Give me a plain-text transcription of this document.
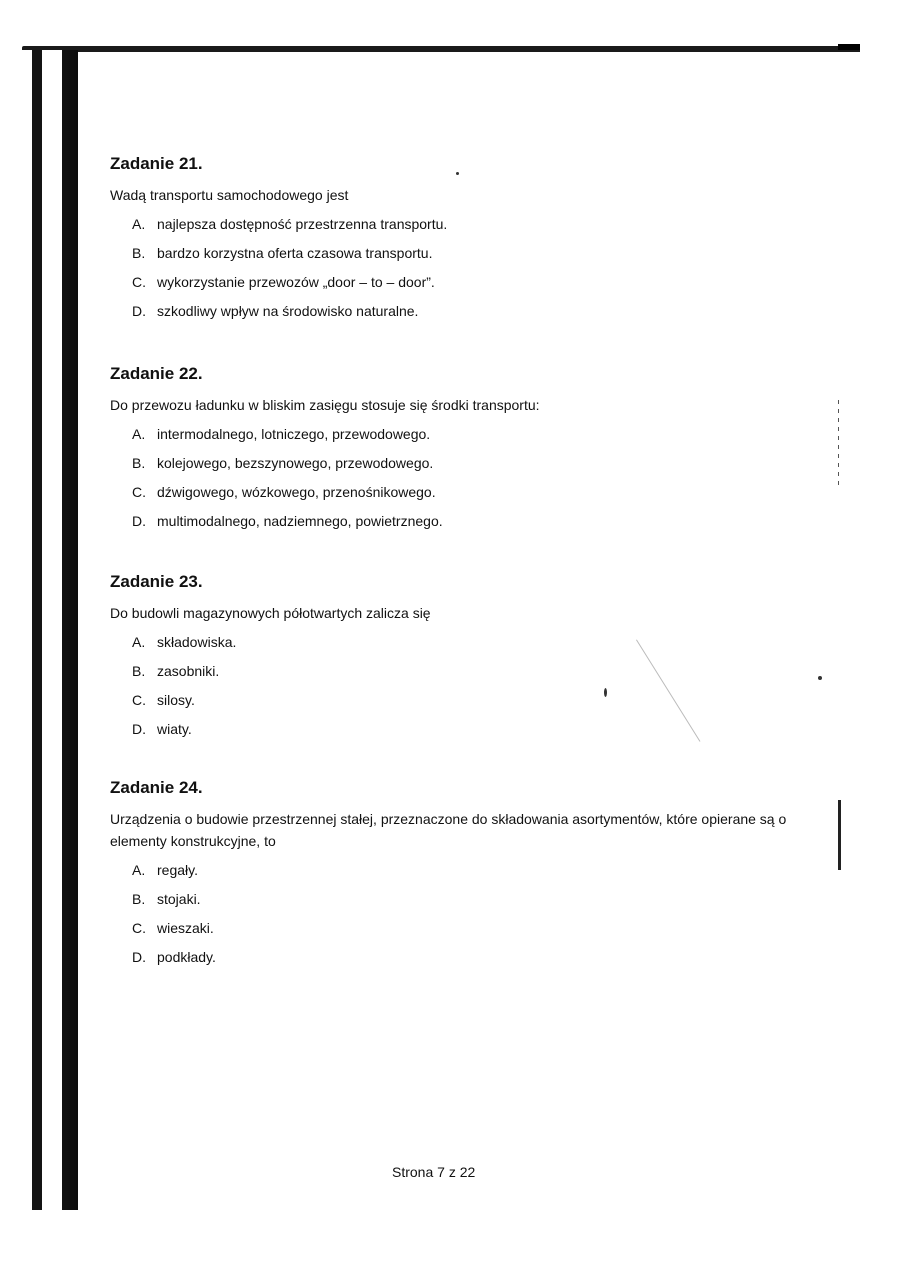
Zadanie 21.

Wadą transportu samochodowego jest

A. najlepsza dostępność przestrzenna transportu.
B. bardzo korzystna oferta czasowa transportu.
C. wykorzystanie przewozów „door – to – door”.
D. szkodliwy wpływ na środowisko naturalne.
Zadanie 22.

Do przewozu ładunku w bliskim zasięgu stosuje się środki transportu:

A. intermodalnego, lotniczego, przewodowego.
B. kolejowego, bezszynowego, przewodowego.
C. dźwigowego, wózkowego, przenośnikowego.
D. multimodalnego, nadziemnego, powietrznego.
Zadanie 23.

Do budowli magazynowych półotwartych zalicza się

A. składowiska.
B. zasobniki.
C. silosy.
D. wiaty.
Zadanie 24.

Urządzenia o budowie przestrzennej stałej, przeznaczone do składowania asortymentów, które opierane są o elementy konstrukcyjne, to

A. regały.
B. stojaki.
C. wieszaki.
D. podkłady.
Strona 7 z 22
